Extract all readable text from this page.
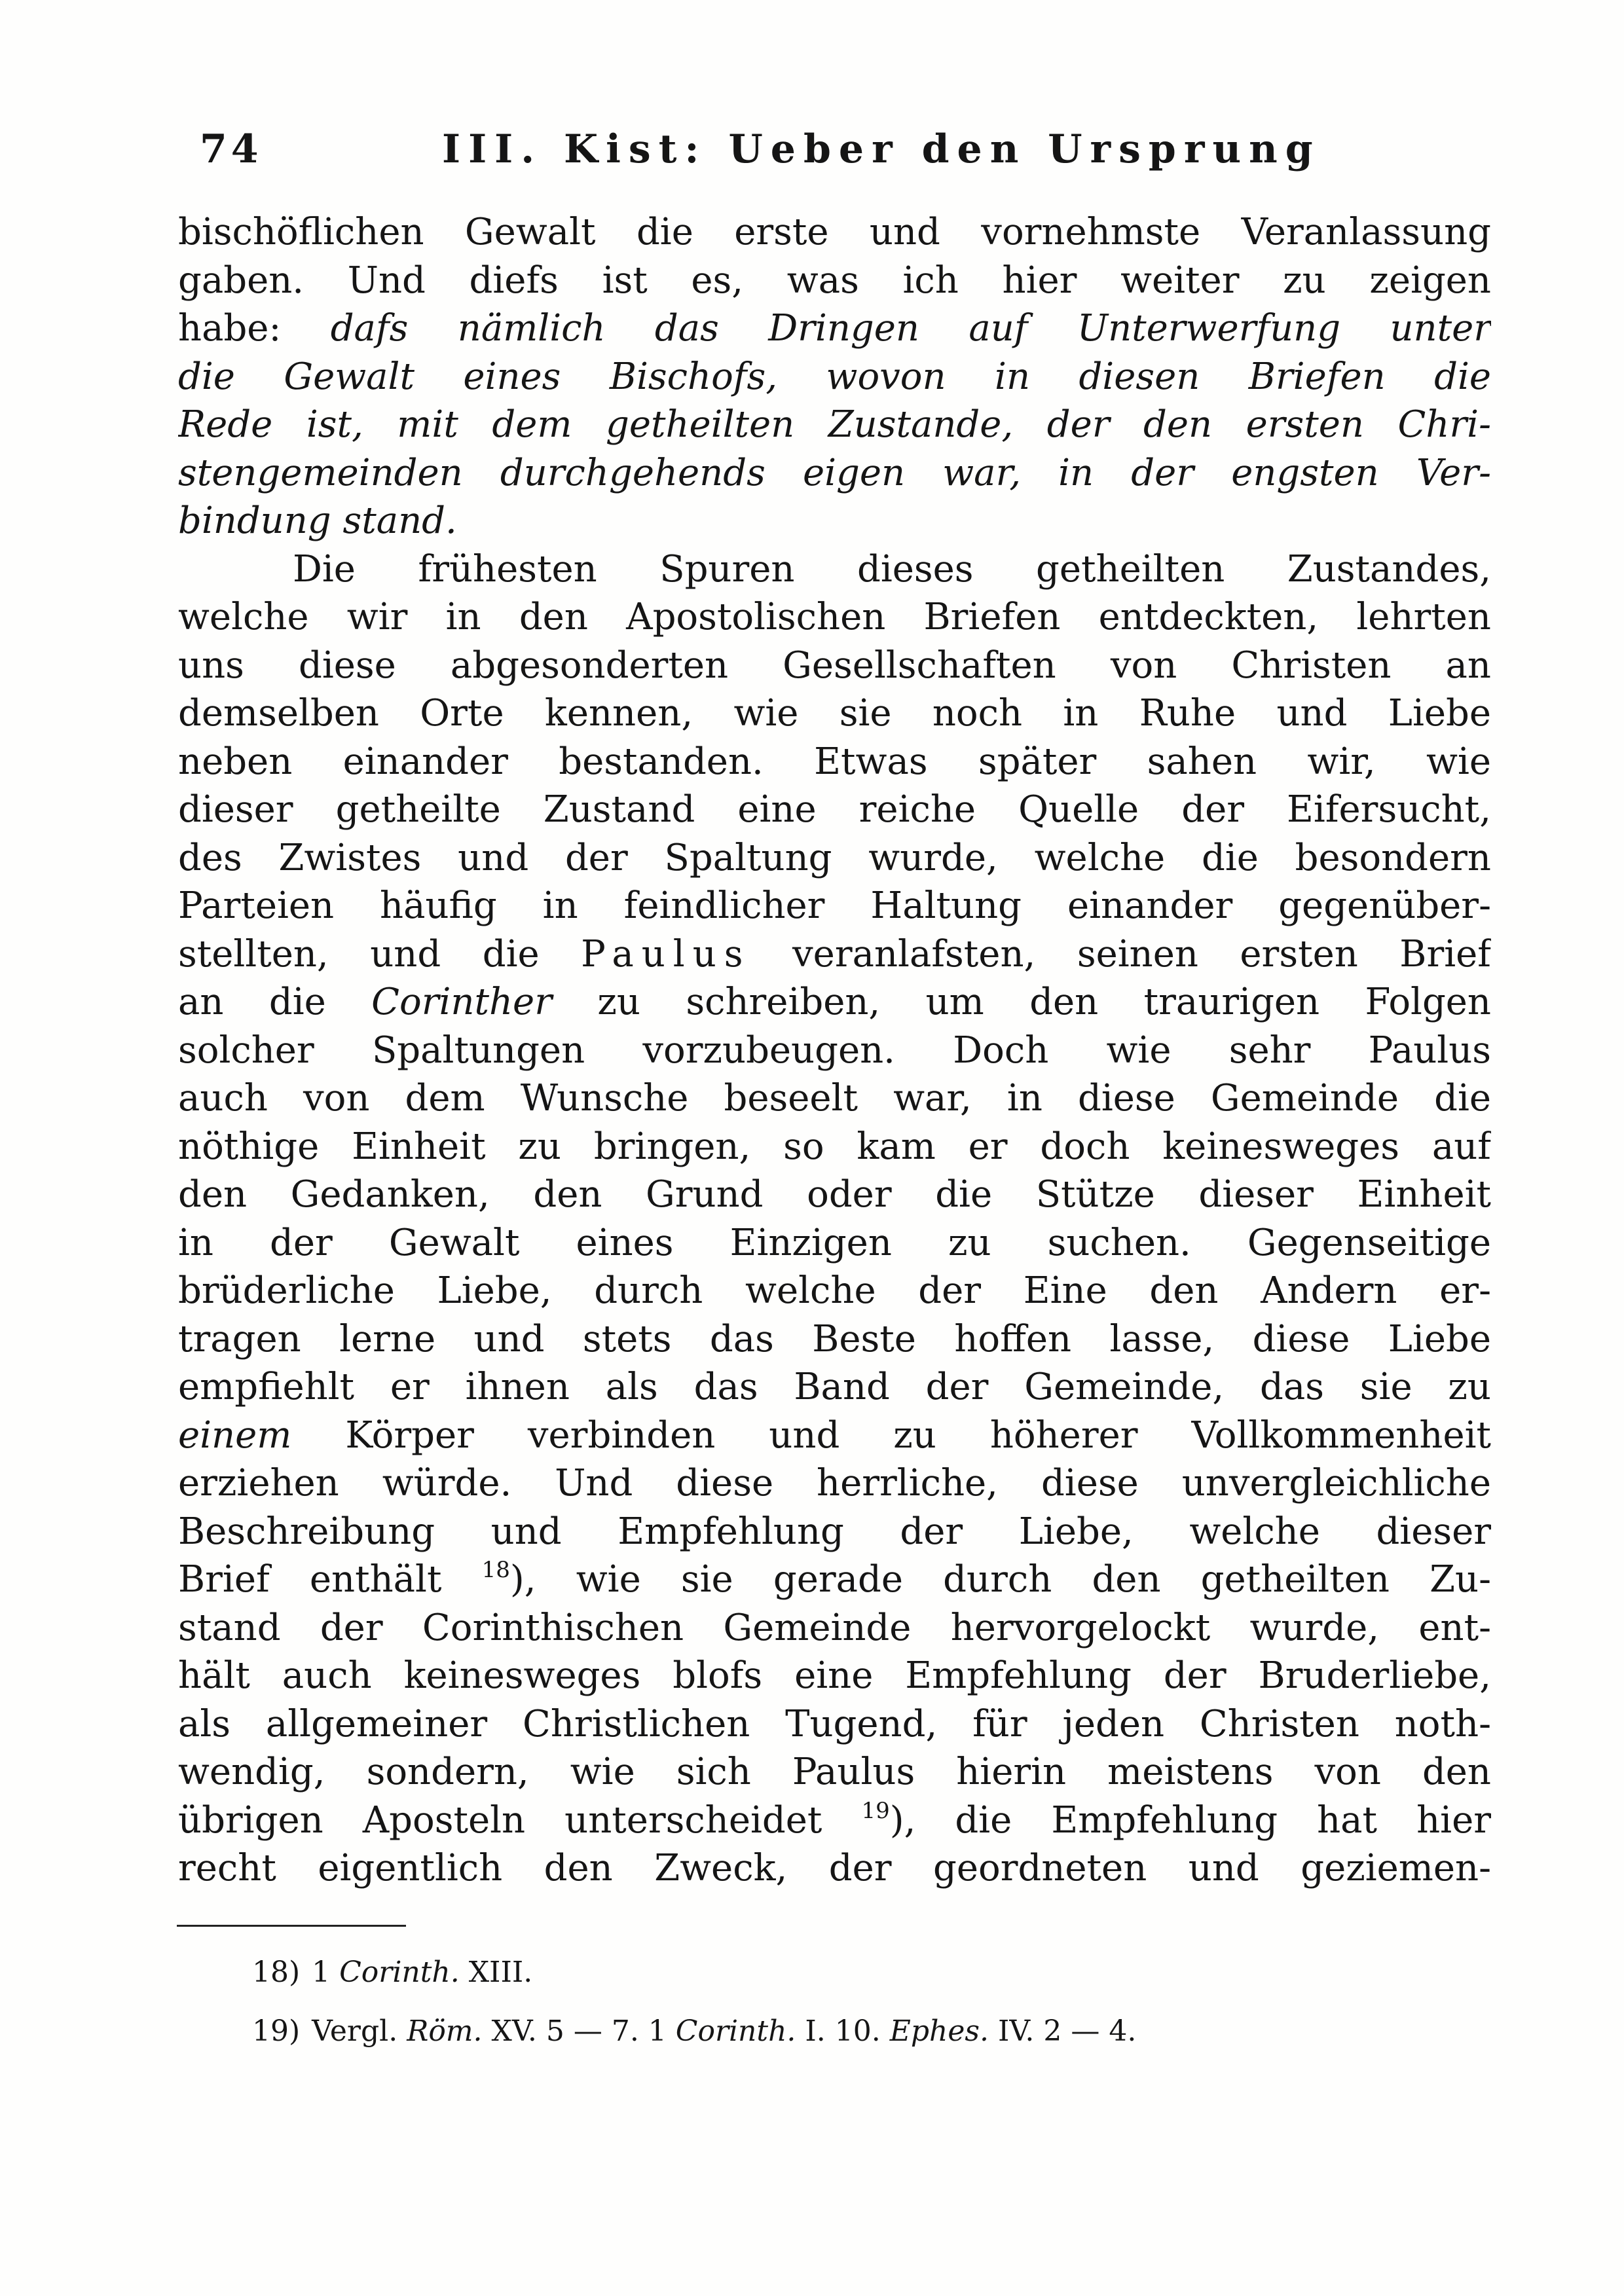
74	III. Kist: Ueber den Ursprung
bischöflichen Gewalt die erste und vornehmste Veranlassung
gaben. Und diefs ist es, was ich hier weiter zu zeigen
habe: dafs nämlich das Dringen auf Unterwerfung unter
die Gewalt eines Bischofs, wovon in diesen Briefen die
Rede ist, mit dem getheilten Zustande, der den ersten Chri-
stengemeinden durchgehends eigen war, in der engsten Ver-
bindung stand.
Die frühesten Spuren dieses getheilten Zustandes,
welche wir in den Apostolischen Briefen entdeckten, lehrten
uns diese abgesonderten Gesellschaften von Christen an
demselben Orte kennen, wie sie noch in Ruhe und Liebe
neben einander bestanden. Etwas später sahen wir, wie
dieser getheilte Zustand eine reiche Quelle der Eifersucht,
des Zwistes und der Spaltung wurde, welche die besondern
Parteien häufig in feindlicher Haltung einander gegenüber-
stellten, und die Paulus veranlafsten, seinen ersten Brief
an die Corinther zu schreiben, um den traurigen Folgen
solcher Spaltungen vorzubeugen. Doch wie sehr Paulus
auch von dem Wunsche beseelt war, in diese Gemeinde die
nöthige Einheit zu bringen, so kam er doch keinesweges auf
den Gedanken, den Grund oder die Stütze dieser Einheit
in der Gewalt eines Einzigen zu suchen. Gegenseitige
brüderliche Liebe, durch welche der Eine den Andern er-
tragen lerne und stets das Beste hoffen lasse, diese Liebe
empfiehlt er ihnen als das Band der Gemeinde, das sie zu
einem Körper verbinden und zu höherer Vollkommenheit
erziehen würde. Und diese herrliche, diese unvergleichliche
Beschreibung und Empfehlung der Liebe, welche dieser
Brief enthält $^{18}$), wie sie gerade durch den getheilten Zu-
stand der Corinthischen Gemeinde hervorgelockt wurde, ent-
hält auch keinesweges blofs eine Empfehlung der Bruderliebe,
als allgemeiner Christlichen Tugend, für jeden Christen noth-
wendig, sondern, wie sich Paulus hierin meistens von den
übrigen Aposteln unterscheidet $^{19}$), die Empfehlung hat hier
recht eigentlich den Zweck, der geordneten und geziemen-
18) 1 Corinth. XIII.
19) Vergl. Röm. XV. 5 — 7. 1 Corinth. I. 10. Ephes. IV. 2 — 4.
